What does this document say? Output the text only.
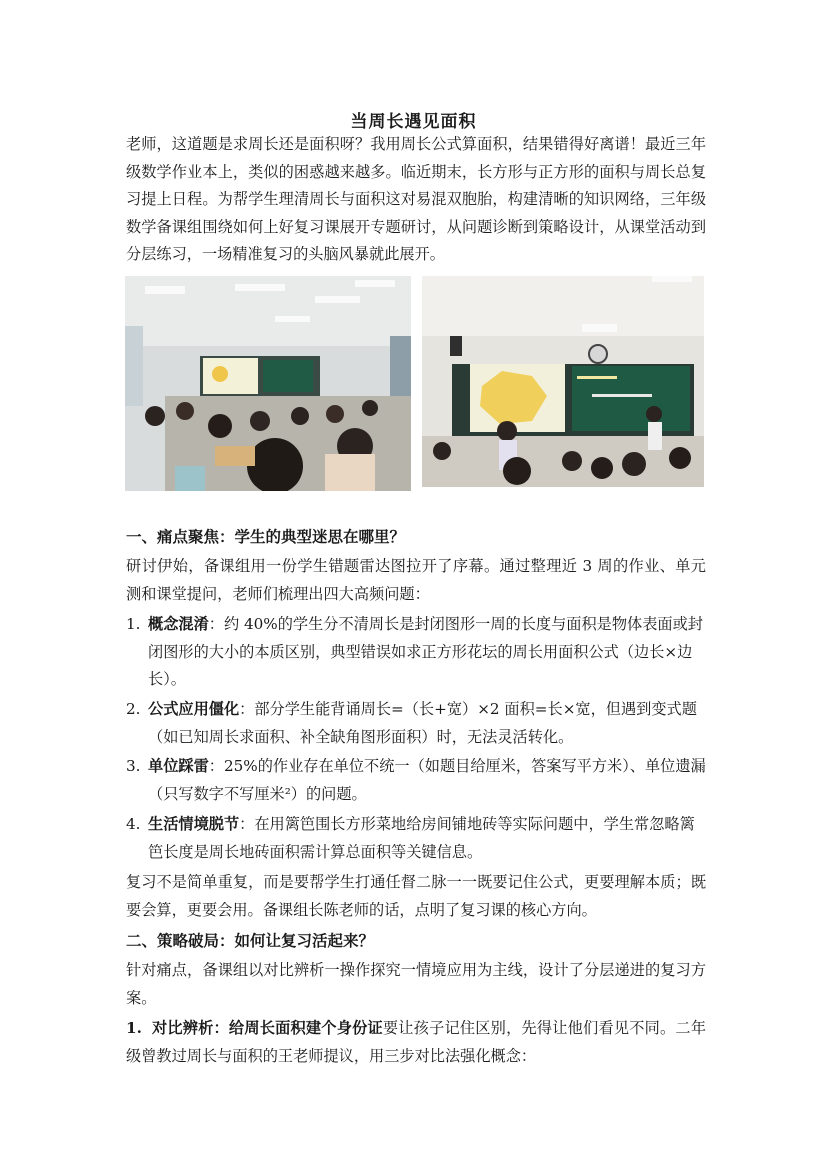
当周长遇见面积

老师，这道题是求周长还是面积呀？我用周长公式算面积，结果错得好离谱！最近三年级数学作业本上，类似的困惑越来越多。临近期末，长方形与正方形的面积与周长总复习提上日程。为帮学生理清周长与面积这对易混双胞胎，构建清晰的知识网络，三年级数学备课组围绕如何上好复习课展开专题研讨，从问题诊断到策略设计，从课堂活动到分层练习，一场精准复习的头脑风暴就此展开。

一、痛点聚焦：学生的典型迷思在哪里？

研讨伊始，备课组用一份学生错题雷达图拉开了序幕。通过整理近 3 周的作业、单元测和课堂提问，老师们梳理出四大高频问题：

1. 概念混淆：约 40%的学生分不清周长是封闭图形一周的长度与面积是物体表面或封闭图形的大小的本质区别，典型错误如求正方形花坛的周长用面积公式（边长×边长）。
2. 公式应用僵化：部分学生能背诵周长=（长+宽）×2 面积=长×宽，但遇到变式题（如已知周长求面积、补全缺角图形面积）时，无法灵活转化。
3. 单位踩雷：25%的作业存在单位不统一（如题目给厘米，答案写平方米）、单位遗漏（只写数字不写厘米²）的问题。
4. 生活情境脱节：在用篱笆围长方形菜地给房间铺地砖等实际问题中，学生常忽略篱笆长度是周长地砖面积需计算总面积等关键信息。

复习不是简单重复，而是要帮学生打通任督二脉一一既要记住公式，更要理解本质；既要会算，更要会用。备课组长陈老师的话，点明了复习课的核心方向。

二、策略破局：如何让复习活起来？

针对痛点，备课组以对比辨析一操作探究一情境应用为主线，设计了分层递进的复习方案。

1. 对比辨析：给周长面积建个身份证要让孩子记住区别，先得让他们看见不同。二年级曾教过周长与面积的王老师提议，用三步对比法强化概念：
